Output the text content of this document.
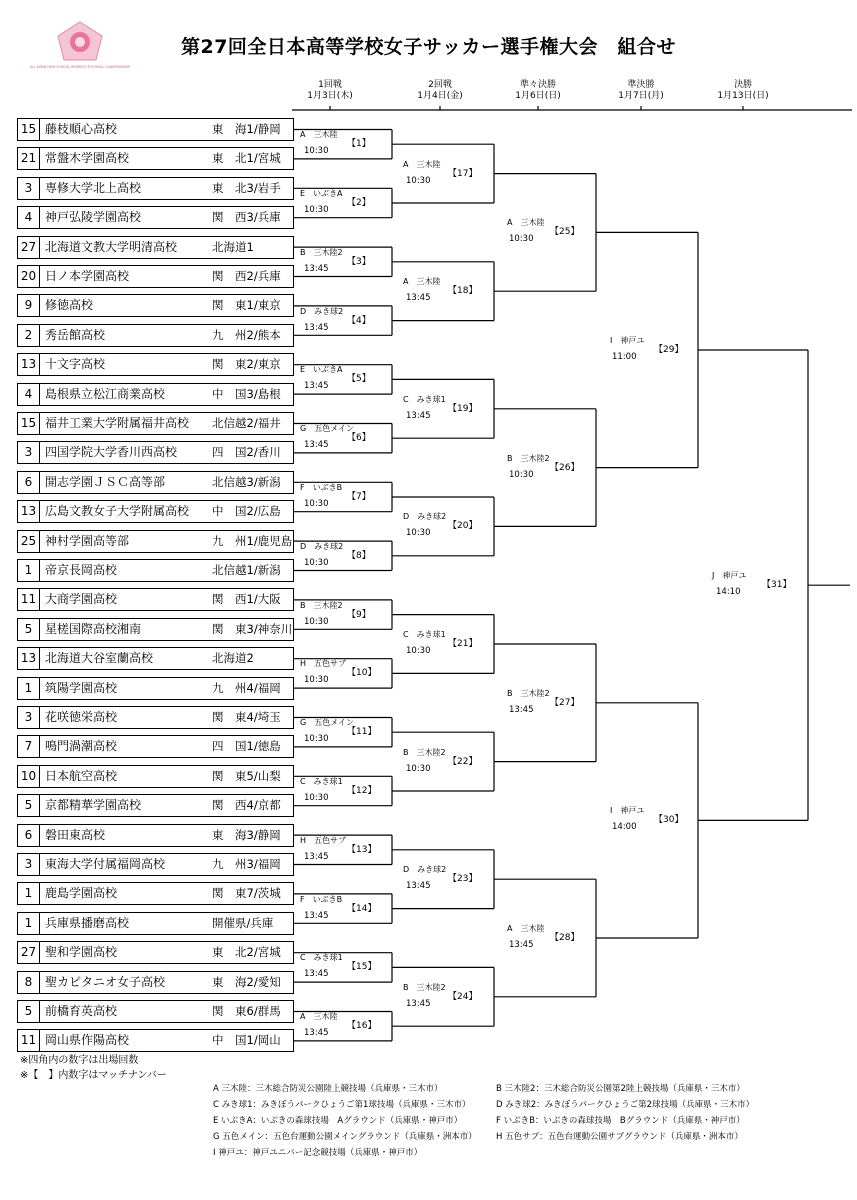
ALL JAPAN HIGH SCHOOL WOMEN'S FOOTBALL CHAMPIONSHIP
第27回全日本高等学校女子サッカー選手権大会　組合せ
1回戦
1月3日(木)
2回戦
1月4日(金)
準々決勝
1月6日(日)
準決勝
1月7日(月)
決勝
1月13日(日)
15 藤枝順心高校	東　海1/静岡
21 常盤木学園高校	東　北1/宮城
3	専修大学北上高校	東　北3/岩手
4	神戸弘陵学園高校	関　西3/兵庫
27 北海道文教大学明清高校	北海道1
20 日ノ本学園高校	関　西2/兵庫
9	修徳高校	関　東1/東京
2	秀岳館高校	九　州2/熊本
13 十文字高校	関　東2/東京
4	島根県立松江商業高校	中　国3/島根
15 福井工業大学附属福井高校 北信越2/福井
3	四国学院大学香川西高校	四　国2/香川
6	開志学園ＪＳＣ高等部	北信越3/新潟
13 広島文教女子大学附属高校 中　国2/広島
25 神村学園高等部	九　州1/鹿児島
1	帝京長岡高校	北信越1/新潟
11 大商学園高校	関　西1/大阪
5	星槎国際高校湘南	関　東3/神奈川
13 北海道大谷室蘭高校	北海道2
1	筑陽学園高校	九　州4/福岡
3	花咲徳栄高校	関　東4/埼玉
7	鳴門渦潮高校	四　国1/徳島
10 日本航空高校	関　東5/山梨
5	京都精華学園高校	関　西4/京都
6	磐田東高校	東　海3/静岡
3	東海大学付属福岡高校	九　州3/福岡
1	鹿島学園高校	関　東7/茨城
1	兵庫県播磨高校	開催県/兵庫
27 聖和学園高校	東　北2/宮城
8	聖カピタニオ女子高校	東　海2/愛知
5	前橋育英高校	関　東6/群馬
11 岡山県作陽高校	中　国1/岡山
A　三木陸
10:30
【1】
E　いぶきA
10:30
【2】
B　三木陸2
13:45
【3】
D　みき球2
13:45
【4】
E　いぶきA
13:45
【5】
G　五色メイン
13:45
【6】
F　いぶきB
10:30
【7】
D　みき球2
10:30
【8】
B　三木陸2
10:30
【9】
H　五色サブ
10:30
【10】
G　五色メイン
10:30
【11】
C　みき球1
10:30
【12】
H　五色サブ
13:45
【13】
F　いぶきB
13:45
【14】
C　みき球1
13:45
【15】
A　三木陸
13:45
【16】
A　三木陸
10:30
【17】
A　三木陸
13:45
【18】
C　みき球1
13:45
【19】
D　みき球2
10:30
【20】
C　みき球1
10:30
【21】
B　三木陸2
10:30
【22】
D　みき球2
13:45
【23】
B　三木陸2
13:45
【24】
A　三木陸
10:30
【25】
B　三木陸2
10:30
【26】
B　三木陸2
13:45
【27】
A　三木陸
13:45
【28】
I　神戸ユ
11:00
【29】
I　神戸ユ
14:00
【30】
J　神戸ユ
14:10
【31】
※四角内の数字は出場回数
※【　】内数字はマッチナンバー
A 三木陸：三木総合防災公園陸上競技場（兵庫県・三木市）	B 三木陸2：三木総合防災公園第2陸上競技場（兵庫県・三木市）
C みき球1：みきぼうパークひょうご第1球技場（兵庫県・三木市）	D みき球2：みきぼうパークひょうご第2球技場（兵庫県・三木市）
E いぶきA：いぶきの森球技場　Aグラウンド（兵庫県・神戸市）	F いぶきB：いぶきの森球技場　Bグラウンド（兵庫県・神戸市）
G 五色メイン：五色台運動公園メイングラウンド（兵庫県・洲本市） H 五色サブ：五色台運動公園サブグラウンド（兵庫県・洲本市）
I 神戸ユ：神戸ユニバー記念競技場（兵庫県・神戸市）
